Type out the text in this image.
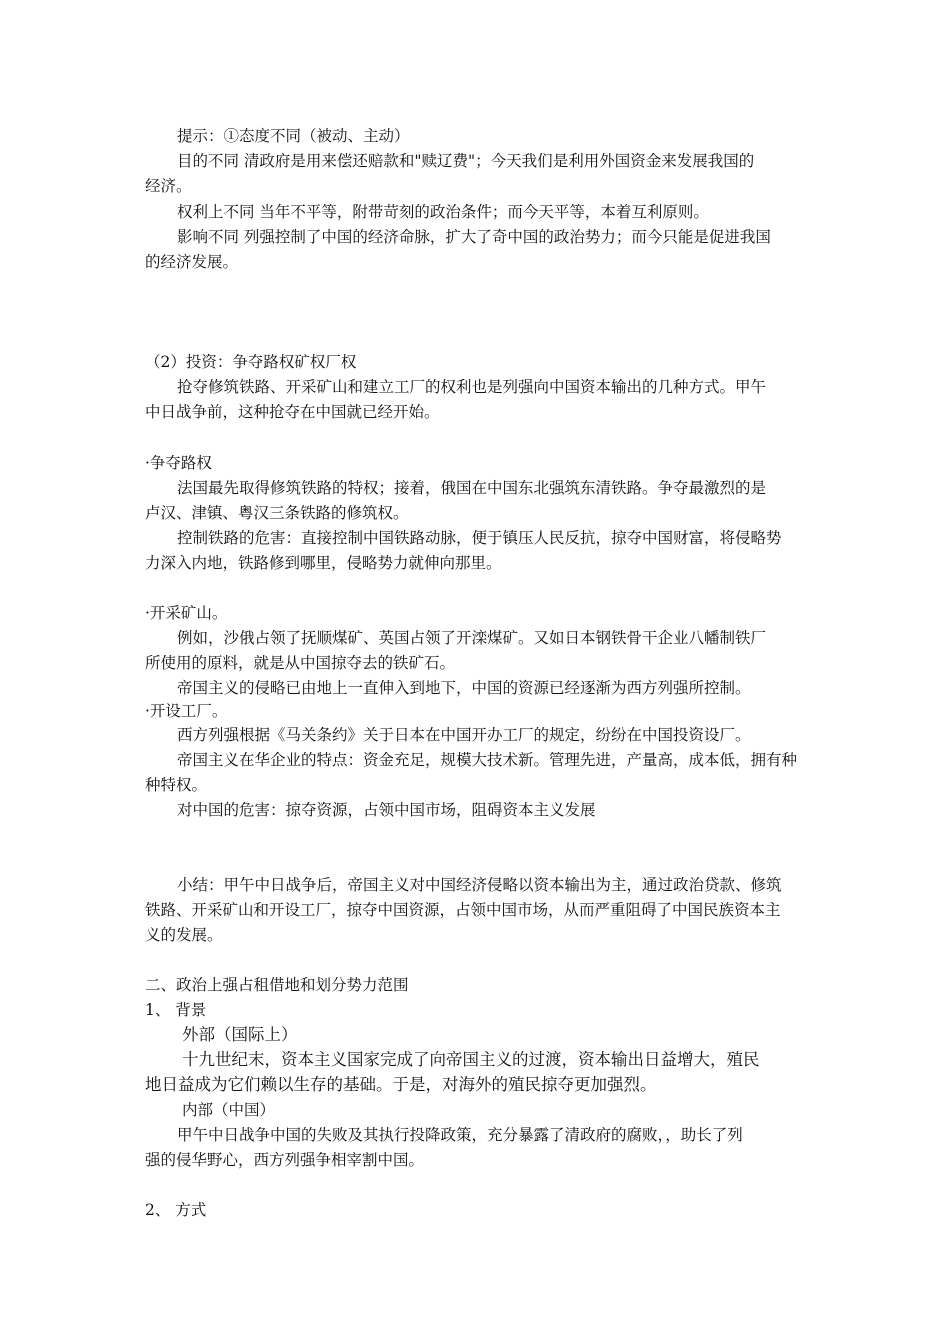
提示：①态度不同（被动、主动）
目的不同 清政府是用来偿还赔款和"赎辽费"；今天我们是利用外国资金来发展我国的
经济。
权利上不同 当年不平等，附带苛刻的政治条件；而今天平等，本着互利原则。
影响不同 列强控制了中国的经济命脉，扩大了奇中国的政治势力；而今只能是促进我国
的经济发展。
（2）投资：争夺路权矿权厂权
抢夺修筑铁路、开采矿山和建立工厂的权利也是列强向中国资本输出的几种方式。甲午
中日战争前，这种抢夺在中国就已经开始。
·争夺路权
法国最先取得修筑铁路的特权；接着，俄国在中国东北强筑东清铁路。争夺最激烈的是
卢汉、津镇、粤汉三条铁路的修筑权。
控制铁路的危害：直接控制中国铁路动脉，便于镇压人民反抗，掠夺中国财富，将侵略势
力深入内地，铁路修到哪里，侵略势力就伸向那里。
·开采矿山。
例如，沙俄占领了抚顺煤矿、英国占领了开滦煤矿。又如日本钢铁骨干企业八幡制铁厂
所使用的原料，就是从中国掠夺去的铁矿石。
帝国主义的侵略已由地上一直伸入到地下，中国的资源已经逐渐为西方列强所控制。
·开设工厂。
西方列强根据《马关条约》关于日本在中国开办工厂的规定，纷纷在中国投资设厂。
帝国主义在华企业的特点：资金充足，规模大技术新。管理先进，产量高，成本低，拥有种
种特权。
对中国的危害：掠夺资源，占领中国市场，阻碍资本主义发展
小结：甲午中日战争后，帝国主义对中国经济侵略以资本输出为主，通过政治贷款、修筑
铁路、开采矿山和开设工厂，掠夺中国资源，占领中国市场，从而严重阻碍了中国民族资本主
义的发展。
二、政治上强占租借地和划分势力范围
1、 背景
外部（国际上）
十九世纪末，资本主义国家完成了向帝国主义的过渡，资本输出日益增大，殖民
地日益成为它们赖以生存的基础。于是，对海外的殖民掠夺更加强烈。
内部（中国）
甲午中日战争中国的失败及其执行投降政策，充分暴露了清政府的腐败，，助长了列
强的侵华野心，西方列强争相宰割中国。
2、 方式
